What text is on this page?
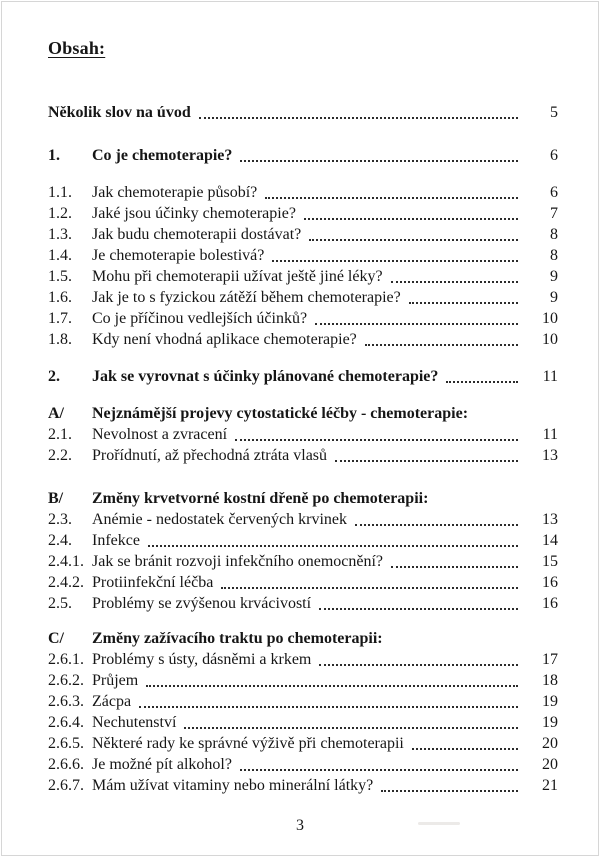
Obsah:
Několik slov na úvod	5
1.	Co je chemoterapie?	6
1.1.	Jak chemoterapie působí?	6
1.2.	Jaké jsou účinky chemoterapie?	7
1.3.	Jak budu chemoterapii dostávat?	8
1.4.	Je chemoterapie bolestivá?	8
1.5.	Mohu při chemoterapii užívat ještě jiné léky?	9
1.6.	Jak je to s fyzickou zátěží během chemoterapie?	9
1.7.	Co je příčinou vedlejších účinků?	10
1.8.	Kdy není vhodná aplikace chemoterapie?	10
2.	Jak se vyrovnat s účinky plánované chemoterapie?	11
A/	Nejznámější projevy cytostatické léčby - chemoterapie:
2.1.	Nevolnost a zvracení	11
2.2.	Prořídnutí, až přechodná ztráta vlasů	13
B/	Změny krvetvorné kostní dřeně po chemoterapii:
2.3.	Anémie - nedostatek červených krvinek	13
2.4.	Infekce	14
2.4.1. Jak se bránit rozvoji infekčního onemocnění?	15
2.4.2. Protiinfekční léčba	16
2.5.	Problémy se zvýšenou krvácivostí	16
C/	Změny zažívacího traktu po chemoterapii:
2.6.1. Problémy s ústy, dásněmi a krkem	17
2.6.2. Průjem	18
2.6.3. Zácpa	19
2.6.4. Nechutenství	19
2.6.5. Některé rady ke správné výživě při chemoterapii	20
2.6.6. Je možné pít alkohol?	20
2.6.7. Mám užívat vitaminy nebo minerální látky?	21
3
